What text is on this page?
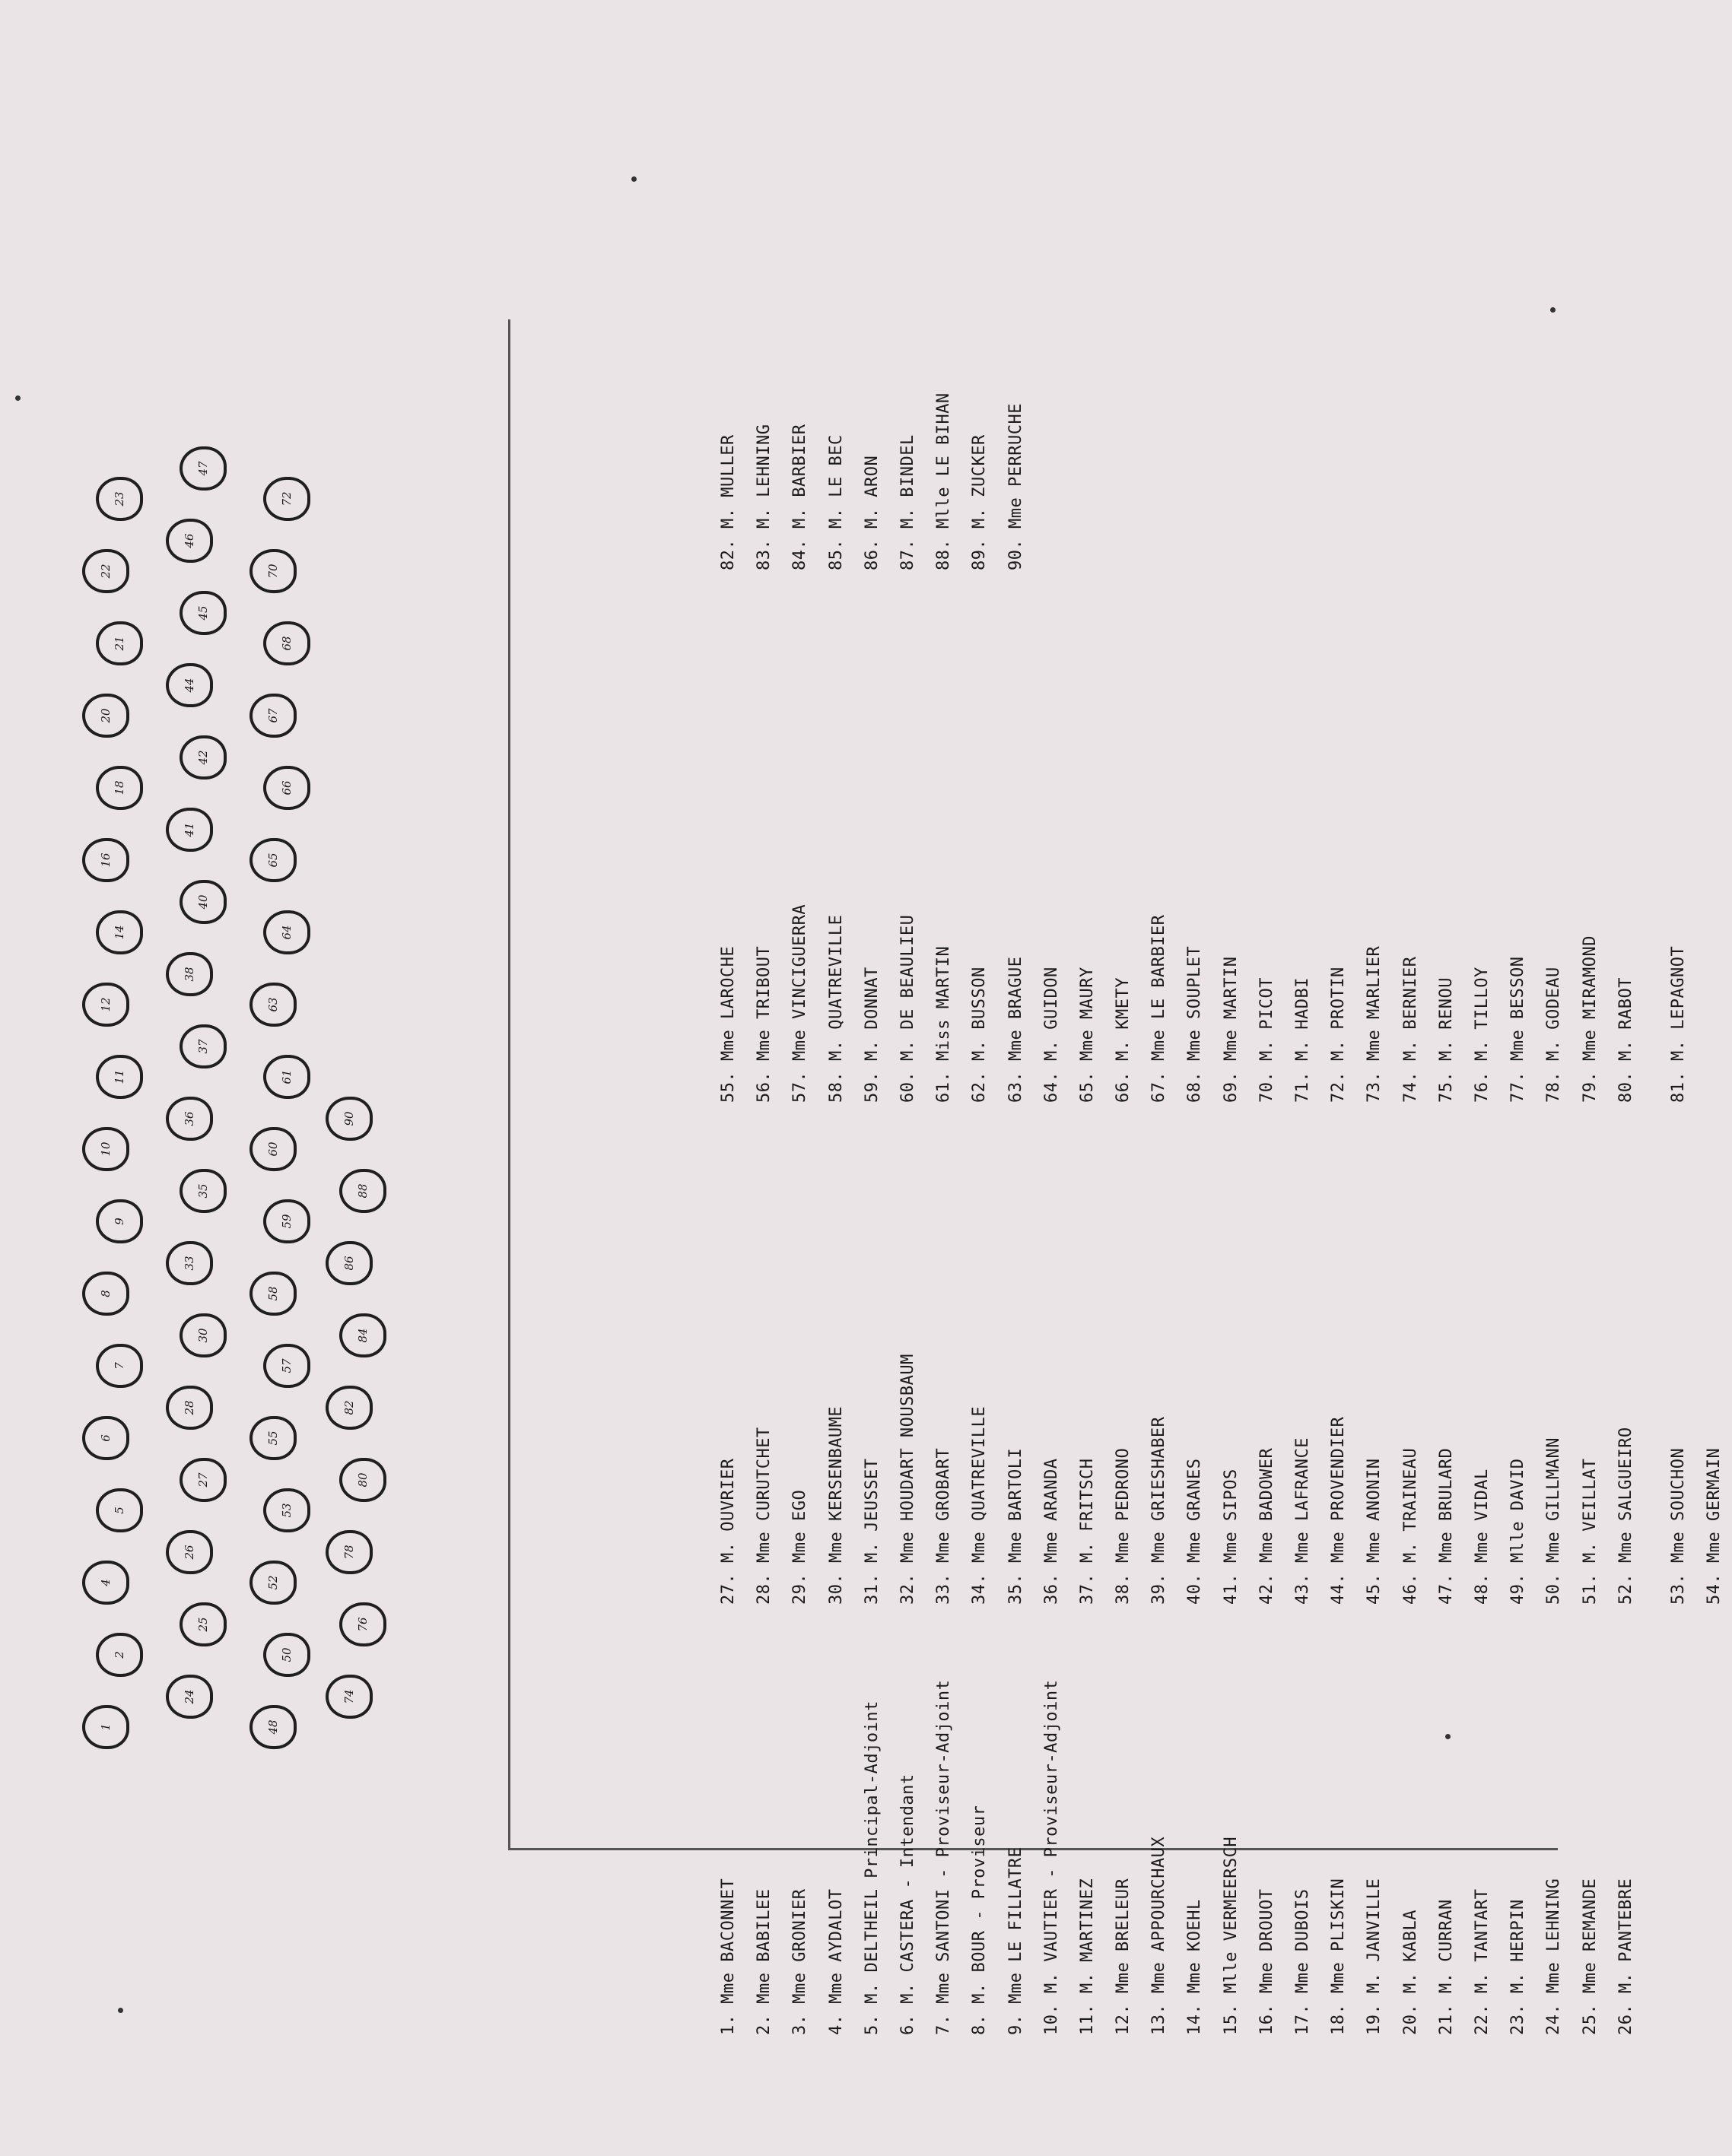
1. Mme BACONNET
2. Mme BABILEE
3. Mme GRONIER
4. Mme AYDALOT
5. M. DELTHEIL Principal-Adjoint
6. M. CASTERA - Intendant
7. Mme SANTONI - Proviseur-Adjoint
8. M. BOUR - Proviseur
9. Mme LE FILLATRE
10. M. VAUTIER - Proviseur-Adjoint
11. M. MARTINEZ
12. Mme BRELEUR
13. Mme APPOURCHAUX
14. Mme KOEHL
15. Mlle VERMEERSCH
16. Mme DROUOT
17. Mme DUBOIS
18. Mme PLISKIN
19. M. JANVILLE
20. M. KABLA
21. M. CURRAN
22. M. TANTART
23. M. HERPIN
24. Mme LEHNING
25. Mme REMANDE
26. M. PANTEBRE
27. M. OUVRIER
28. Mme CURUTCHET
29. Mme EGO
30. Mme KERSENBAUME
31. M. JEUSSET
32. Mme HOUDART NOUSBAUM
33. Mme GROBART
34. Mme QUATREVILLE
35. Mme BARTOLI
36. Mme ARANDA
37. M. FRITSCH
38. Mme PEDRONO
39. Mme GRIESHABER
40. Mme GRANES
41. Mme SIPOS
42. Mme BADOWER
43. Mme LAFRANCE
44. Mme PROVENDIER
45. Mme ANONIN
46. M. TRAINEAU
47. Mme BRULARD
48. Mme VIDAL
49. Mlle DAVID
50. Mme GILLMANN
51. M. VEILLAT
52. Mme SALGUEIRO
53. Mme SOUCHON
54. Mme GERMAIN
55. Mme LAROCHE
56. Mme TRIBOUT
57. Mme VINCIGUERRA
58. M. QUATREVILLE
59. M. DONNAT
60. M. DE BEAULIEU
61. Miss MARTIN
62. M. BUSSON
63. Mme BRAGUE
64. M. GUIDON
65. Mme MAURY
66. M. KMETY
67. Mme LE BARBIER
68. Mme SOUPLET
69. Mme MARTIN
70. M. PICOT
71. M. HADBI
72. M. PROTIN
73. Mme MARLIER
74. M. BERNIER
75. M. RENOU
76. M. TILLOY
77. Mme BESSON
78. M. GODEAU
79. Mme MIRAMOND
80. M. RABOT
81. M. LEPAGNOT
82. M. MULLER
83. M. LEHNING
84. M. BARBIER
85. M. LE BEC
86. M. ARON
87. M. BINDEL
88. Mlle LE BIHAN
89. M. ZUCKER
90. Mme PERRUCHE
1
2
4
5
6
7
8
9
10
11
12
14
16
18
20
21
22
23
24
25
26
27
28
30
33
35
36
37
38
40
41
42
44
45
46
47
48
50
52
53
55
57
58
59
60
61
63
64
65
66
67
68
70
72
74
76
78
80
82
84
86
88
90
